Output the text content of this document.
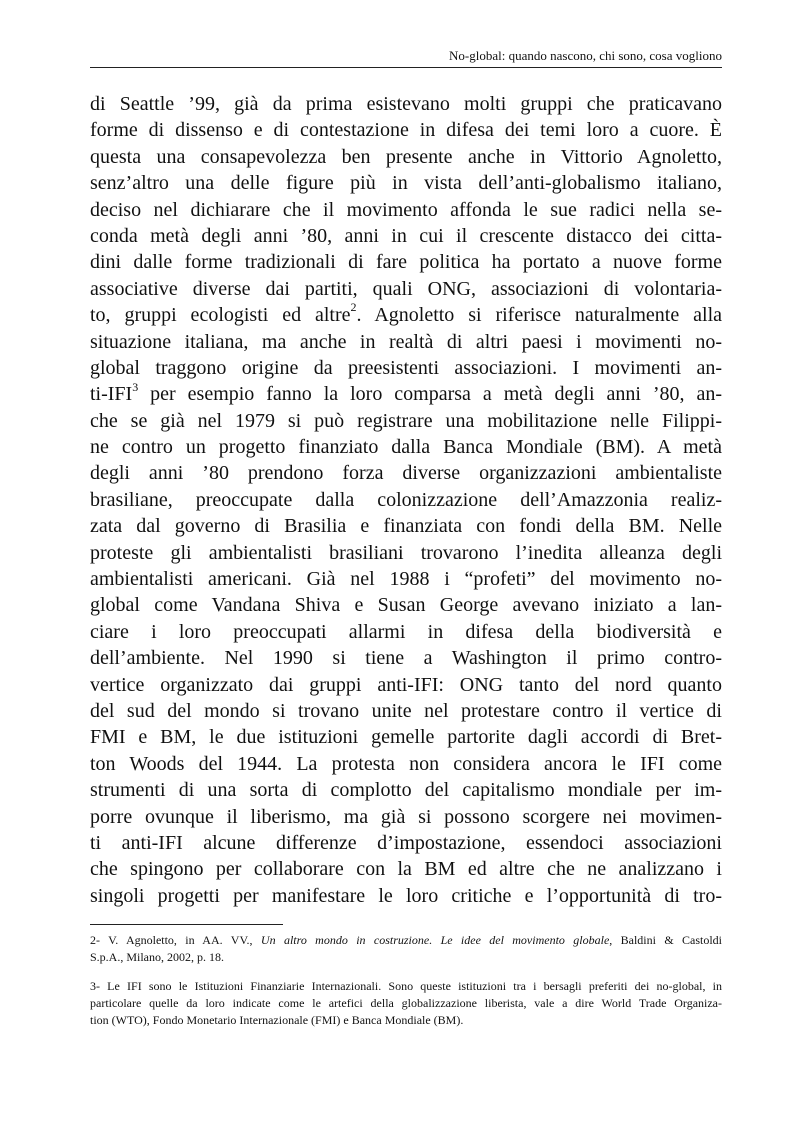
No-global: quando nascono, chi sono, cosa vogliono
di Seattle ’99, già da prima esistevano molti gruppi che praticavano
forme di dissenso e di contestazione in difesa dei temi loro a cuore. È
questa una consapevolezza ben presente anche in Vittorio Agnoletto,
senz’altro una delle figure più in vista dell’anti-globalismo italiano,
deciso nel dichiarare che il movimento affonda le sue radici nella se-
conda metà degli anni ’80, anni in cui il crescente distacco dei citta-
dini dalle forme tradizionali di fare politica ha portato a nuove forme
associative diverse dai partiti, quali ONG, associazioni di volontaria-
to, gruppi ecologisti ed altre$^2$. Agnoletto si riferisce naturalmente alla
situazione italiana, ma anche in realtà di altri paesi i movimenti no-
global traggono origine da preesistenti associazioni. I movimenti an-
ti-IFI$^3$ per esempio fanno la loro comparsa a metà degli anni ’80, an-
che se già nel 1979 si può registrare una mobilitazione nelle Filippi-
ne contro un progetto finanziato dalla Banca Mondiale (BM). A metà
degli anni ’80 prendono forza diverse organizzazioni ambientaliste
brasiliane, preoccupate dalla colonizzazione dell’Amazzonia realiz-
zata dal governo di Brasilia e finanziata con fondi della BM. Nelle
proteste gli ambientalisti brasiliani trovarono l’inedita alleanza degli
ambientalisti americani. Già nel 1988 i “profeti” del movimento no-
global come Vandana Shiva e Susan George avevano iniziato a lan-
ciare i loro preoccupati allarmi in difesa della biodiversità e
dell’ambiente. Nel 1990 si tiene a Washington il primo contro-
vertice organizzato dai gruppi anti-IFI: ONG tanto del nord quanto
del sud del mondo si trovano unite nel protestare contro il vertice di
FMI e BM, le due istituzioni gemelle partorite dagli accordi di Bret-
ton Woods del 1944. La protesta non considera ancora le IFI come
strumenti di una sorta di complotto del capitalismo mondiale per im-
porre ovunque il liberismo, ma già si possono scorgere nei movimen-
ti anti-IFI alcune differenze d’impostazione, essendoci associazioni
che spingono per collaborare con la BM ed altre che ne analizzano i
singoli progetti per manifestare le loro critiche e l’opportunità di tro-
2- V. Agnoletto, in AA. VV., Un altro mondo in costruzione. Le idee del movimento globale, Baldini & Castoldi
S.p.A., Milano, 2002, p. 18.
3- Le IFI sono le Istituzioni Finanziarie Internazionali. Sono queste istituzioni tra i bersagli preferiti dei no-global, in
particolare quelle da loro indicate come le artefici della globalizzazione liberista, vale a dire World Trade Organiza-
tion (WTO), Fondo Monetario Internazionale (FMI) e Banca Mondiale (BM).
